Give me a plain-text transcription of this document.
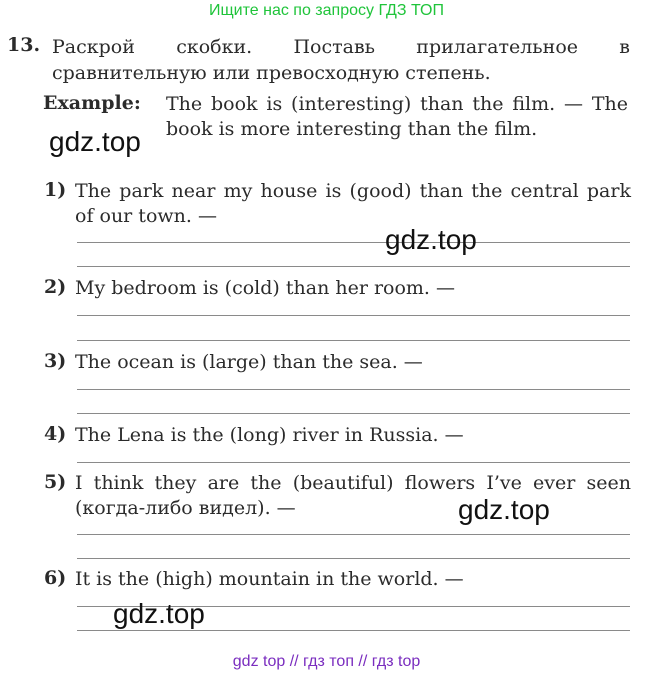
Ищите нас по запросу ГДЗ ТОП
13. Раскрой скобки. Поставь прилагательное в сравнительную или превосходную степень.
Example: The book is (interesting) than the film. — The book is more interesting than the film.
1) The park near my house is (good) than the central park of our town. —
2) My bedroom is (cold) than her room. —
3) The ocean is (large) than the sea. —
4) The Lena is the (long) river in Russia. —
5) I think they are the (beautiful) flowers I’ve ever seen (когда-либо видел). —
6) It is the (high) mountain in the world. —
gdz.top
gdz.top
gdz.top
gdz.top
gdz top // гдз топ // гдз top
